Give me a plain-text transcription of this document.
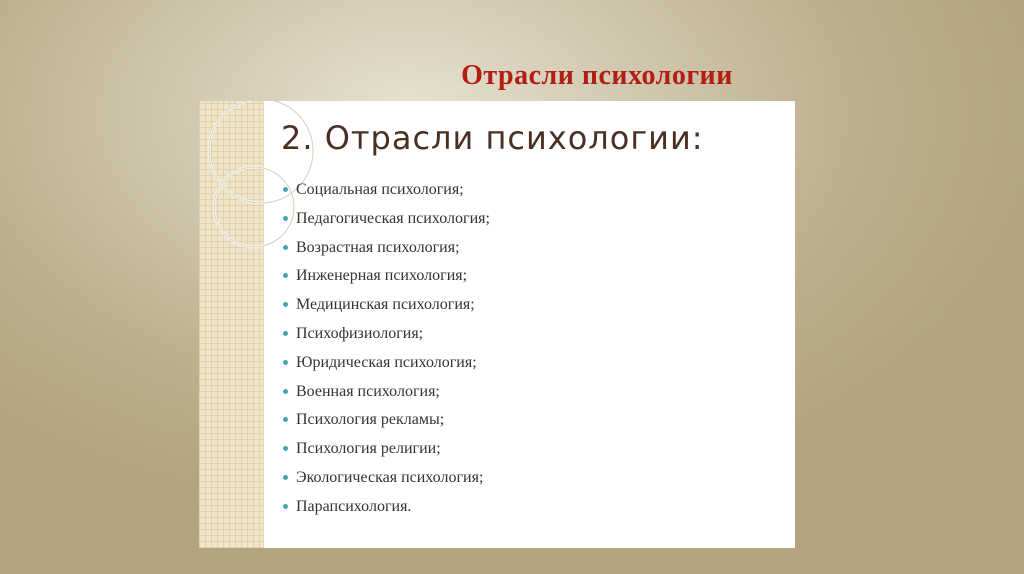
Отрасли психологии
2. Отрасли психологии:
Социальная психология;
Педагогическая психология;
Возрастная психология;
Инженерная психология;
Медицинская психология;
Психофизиология;
Юридическая психология;
Военная психология;
Психология рекламы;
Психология религии;
Экологическая психология;
Парапсихология.
